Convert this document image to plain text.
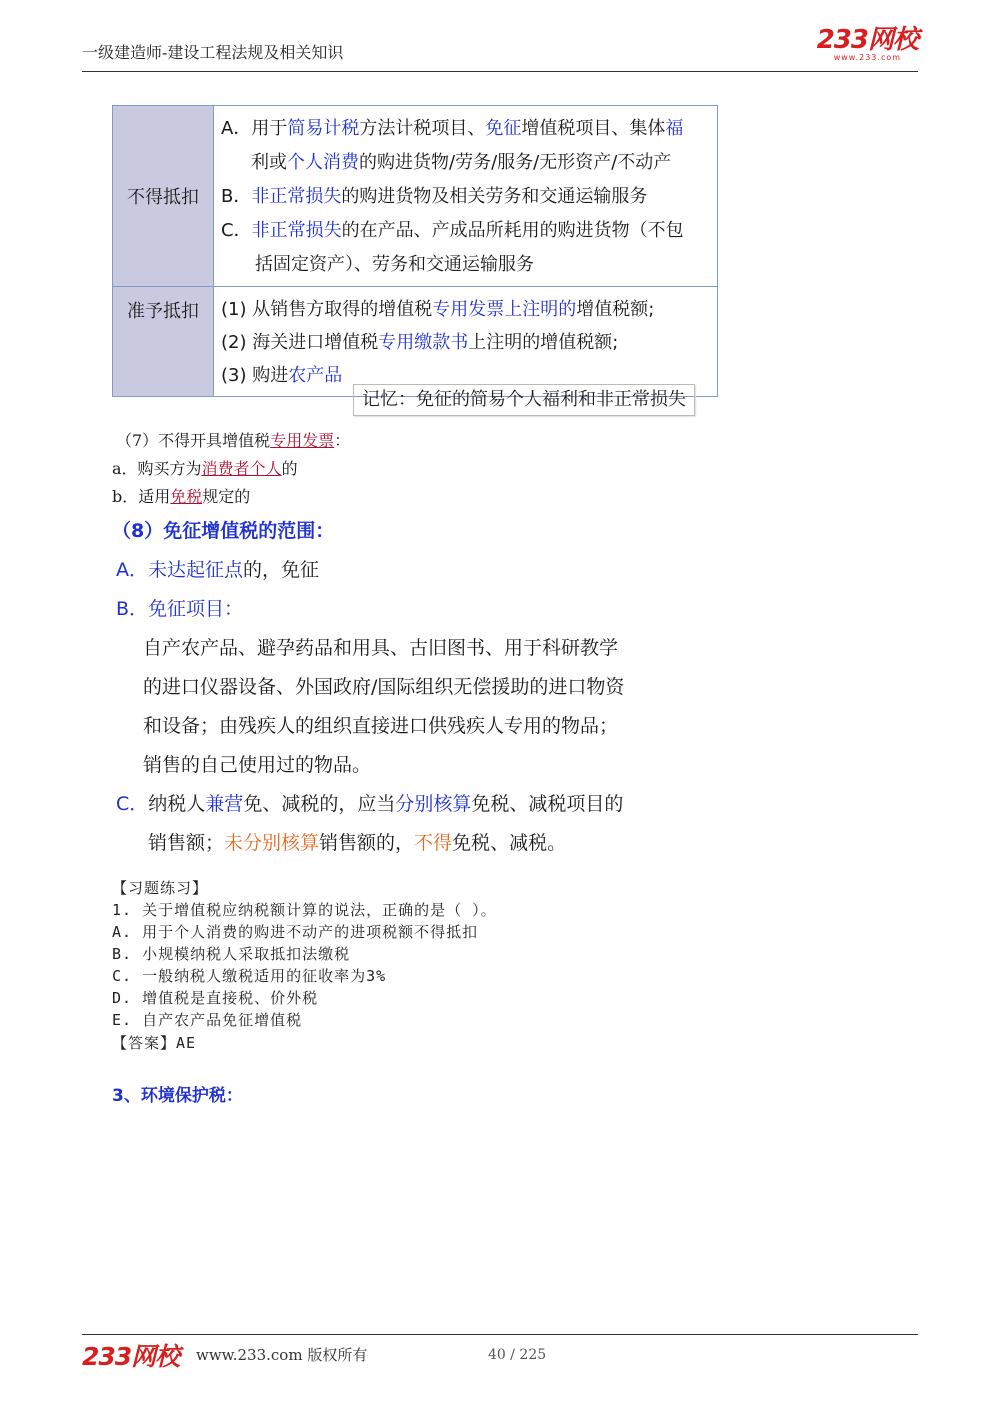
一级建造师-建设工程法规及相关知识	233网校
www.233.com
不得抵扣	A．用于简易计税方法计税项目、免征增值税项目、集体福
利或个人消费的购进货物/劳务/服务/无形资产/不动产
B．非正常损失的购进货物及相关劳务和交通运输服务
C．非正常损失的在产品、产成品所耗用的购进货物（不包
括固定资产）、劳务和交通运输服务

准予抵扣	(1) 从销售方取得的增值税专用发票上注明的增值税额;
(2) 海关进口增值税专用缴款书上注明的增值税额;
(3) 购进农产品
记忆：免征的简易个人福利和非正常损失
（7）不得开具增值税专用发票：
a．购买方为消费者个人的
b．适用免税规定的
（8）免征增值税的范围：
A．未达起征点的，免征
B．免征项目：
自产农产品、避孕药品和用具、古旧图书、用于科研教学
的进口仪器设备、外国政府/国际组织无偿援助的进口物资
和设备；由残疾人的组织直接进口供残疾人专用的物品；
销售的自己使用过的物品。
C．纳税人兼营免、减税的，应当分别核算免税、减税项目的
销售额；未分别核算销售额的，不得免税、减税。
【习题练习】
1. 关于增值税应纳税额计算的说法，正确的是（ ）。
A. 用于个人消费的购进不动产的进项税额不得抵扣
B. 小规模纳税人采取抵扣法缴税
C. 一般纳税人缴税适用的征收率为3%
D. 增值税是直接税、价外税
E. 自产农产品免征增值税
【答案】AE
3、环境保护税：
233网校 www.233.com 版权所有	40 / 225
